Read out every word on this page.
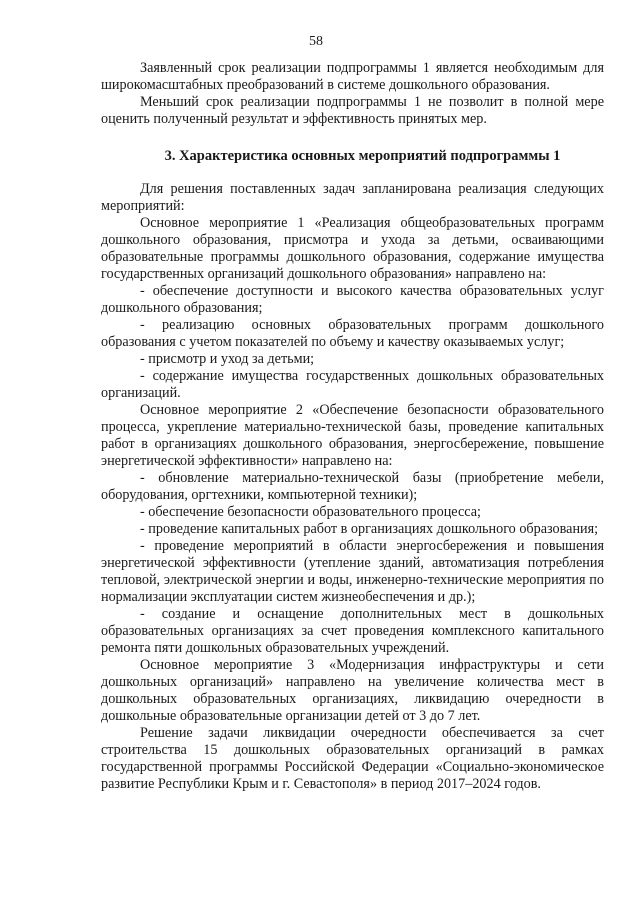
58

Заявленный срок реализации подпрограммы 1 является необходимым для широкомасштабных преобразований в системе дошкольного образования.

Меньший срок реализации подпрограммы 1 не позволит в полной мере оценить полученный результат и эффективность принятых мер.

3. Характеристика основных мероприятий подпрограммы 1

Для решения поставленных задач запланирована реализация следующих мероприятий:

Основное мероприятие 1 «Реализация общеобразовательных программ дошкольного образования, присмотра и ухода за детьми, осваивающими образовательные программы дошкольного образования, содержание имущества государственных организаций дошкольного образования» направлено на:

- обеспечение доступности и высокого качества образовательных услуг дошкольного образования;

- реализацию основных образовательных программ дошкольного образования с учетом показателей по объему и качеству оказываемых услуг;

- присмотр и уход за детьми;

- содержание имущества государственных дошкольных образовательных организаций.

Основное мероприятие 2 «Обеспечение безопасности образовательного процесса, укрепление материально-технической базы, проведение капитальных работ в организациях дошкольного образования, энергосбережение, повышение энергетической эффективности» направлено на:

- обновление материально-технической базы (приобретение мебели, оборудования, оргтехники, компьютерной техники);

- обеспечение безопасности образовательного процесса;

- проведение капитальных работ в организациях дошкольного образования;

- проведение мероприятий в области энергосбережения и повышения энергетической эффективности (утепление зданий, автоматизация потребления тепловой, электрической энергии и воды, инженерно-технические мероприятия по нормализации эксплуатации систем жизнеобеспечения и др.);

- создание и оснащение дополнительных мест в дошкольных образовательных организациях за счет проведения комплексного капитального ремонта пяти дошкольных образовательных учреждений.

Основное мероприятие 3 «Модернизация инфраструктуры и сети дошкольных организаций» направлено на увеличение количества мест в дошкольных образовательных организациях, ликвидацию очередности в дошкольные образовательные организации детей от 3 до 7 лет.

Решение задачи ликвидации очередности обеспечивается за счет строительства 15 дошкольных образовательных организаций в рамках государственной программы Российской Федерации «Социально-экономическое развитие Республики Крым и г. Севастополя» в период 2017–2024 годов.
